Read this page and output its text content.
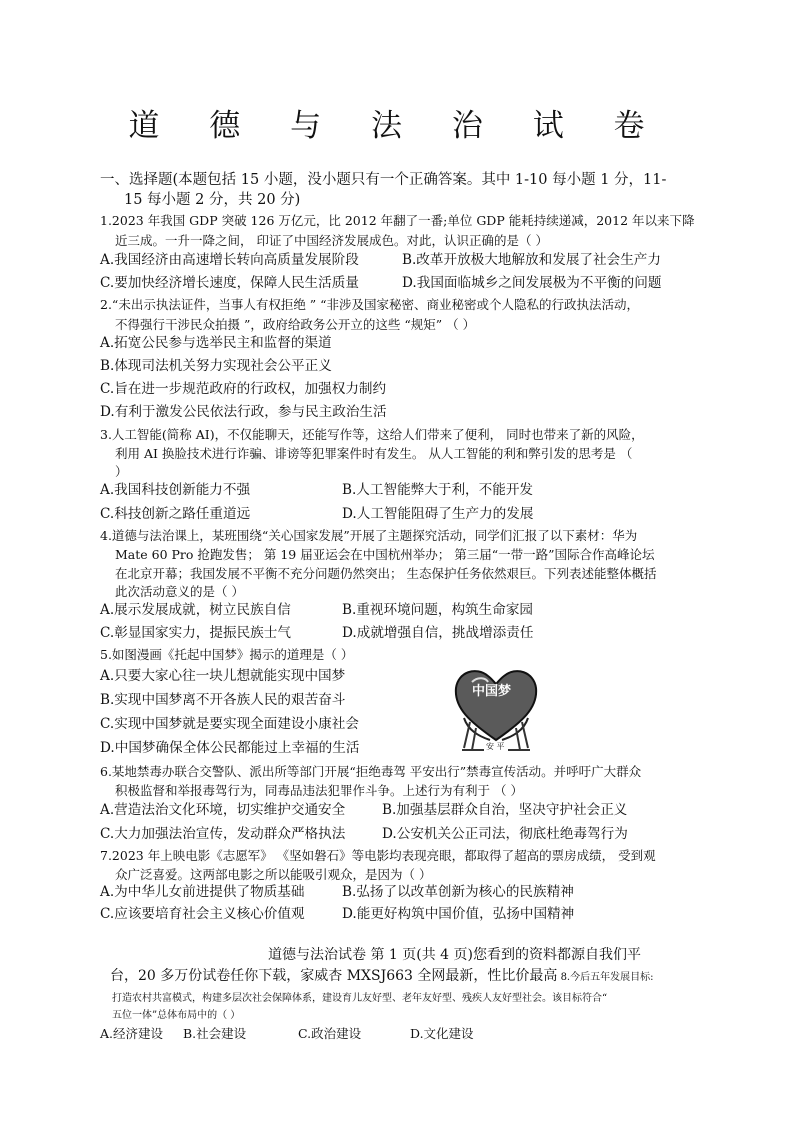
道 德 与 法 治 试 卷
一、选择题(本题包括 15 小题，没小题只有一个正确答案。其中 1-10 每小题 1 分，11-
15 每小题 2 分，共 20 分)
1.2023 年我国 GDP 突破 126 万亿元，比 2012 年翻了一番;单位 GDP 能耗持续递减，2012 年以来下降
近三成。一升一降之间， 印证了中国经济发展成色。对此，认识正确的是（ ）
A.我国经济由高速增长转向高质量发展阶段	B.改革开放极大地解放和发展了社会生产力
C.要加快经济增长速度，保障人民生活质量	D.我国面临城乡之间发展极为不平衡的问题
2.“未出示执法证件，当事人有权拒绝 ” “非涉及国家秘密、商业秘密或个人隐私的行政执法活动，
不得强行干涉民众拍摄 ”，政府给政务公开立的这些 “规矩” （ ）
A.拓宽公民参与选举民主和监督的渠道
B.体现司法机关努力实现社会公平正义
C.旨在进一步规范政府的行政权，加强权力制约
D.有利于激发公民依法行政，参与民主政治生活
3.人工智能(简称 AI)，不仅能聊天，还能写作等，这给人们带来了便利， 同时也带来了新的风险，
利用 AI 换脸技术进行诈骗、诽谤等犯罪案件时有发生。 从人工智能的利和弊引发的思考是 （
）
A.我国科技创新能力不强	B.人工智能弊大于利，不能开发
C.科技创新之路任重道远	D.人工智能阻碍了生产力的发展
4.道德与法治课上，某班围绕“关心国家发展”开展了主题探究活动，同学们汇报了以下素材：华为
Mate 60 Pro 抢跑发售； 第 19 届亚运会在中国杭州举办； 第三届“一带一路”国际合作高峰论坛
在北京开幕；我国发展不平衡不充分问题仍然突出； 生态保护任务依然艰巨。下列表述能整体概括
此次活动意义的是（ ）
A.展示发展成就，树立民族自信	B.重视环境问题，构筑生命家园
C.彰显国家实力，提振民族士气	D.成就增强自信，挑战增添责任
5.如图漫画《托起中国梦》揭示的道理是（ ）
A.只要大家心往一块儿想就能实现中国梦
B.实现中国梦离不开各族人民的艰苦奋斗
C.实现中国梦就是要实现全面建设小康社会
D.中国梦确保全体公民都能过上幸福的生活
中国梦
安 平
6.某地禁毒办联合交警队、派出所等部门开展“拒绝毒驾 平安出行”禁毒宣传活动。并呼吁广大群众
积极监督和举报毒驾行为，同毒品违法犯罪作斗争。上述行为有利于 （ ）
A.营造法治文化环境，切实维护交通安全	B.加强基层群众自治，坚决守护社会正义
C.大力加强法治宣传，发动群众严格执法	D.公安机关公正司法，彻底杜绝毒驾行为
7.2023 年上映电影《志愿军》 《坚如磐石》等电影均表现亮眼，都取得了超高的票房成绩， 受到观
众广泛喜爱。这两部电影之所以能吸引观众，是因为（ ）
A.为中华儿女前进提供了物质基础	B.弘扬了以改革创新为核心的民族精神
C.应该要培育社会主义核心价值观	D.能更好构筑中国价值，弘扬中国精神
道德与法治试卷 第 1 页(共 4 页)您看到的资料都源自我们平
台，20 多万份试卷任你下载，家威杏 MXSJ663 全网最新，性比价最高 8.今后五年发展目标:
打造农村共富模式，构建多层次社会保障体系，建设育儿友好型、老年友好型、残疾人友好型社会。该目标符合“
五位一体”总体布局中的（ ）
A.经济建设 B.社会建设	C.政治建设	D.文化建设
